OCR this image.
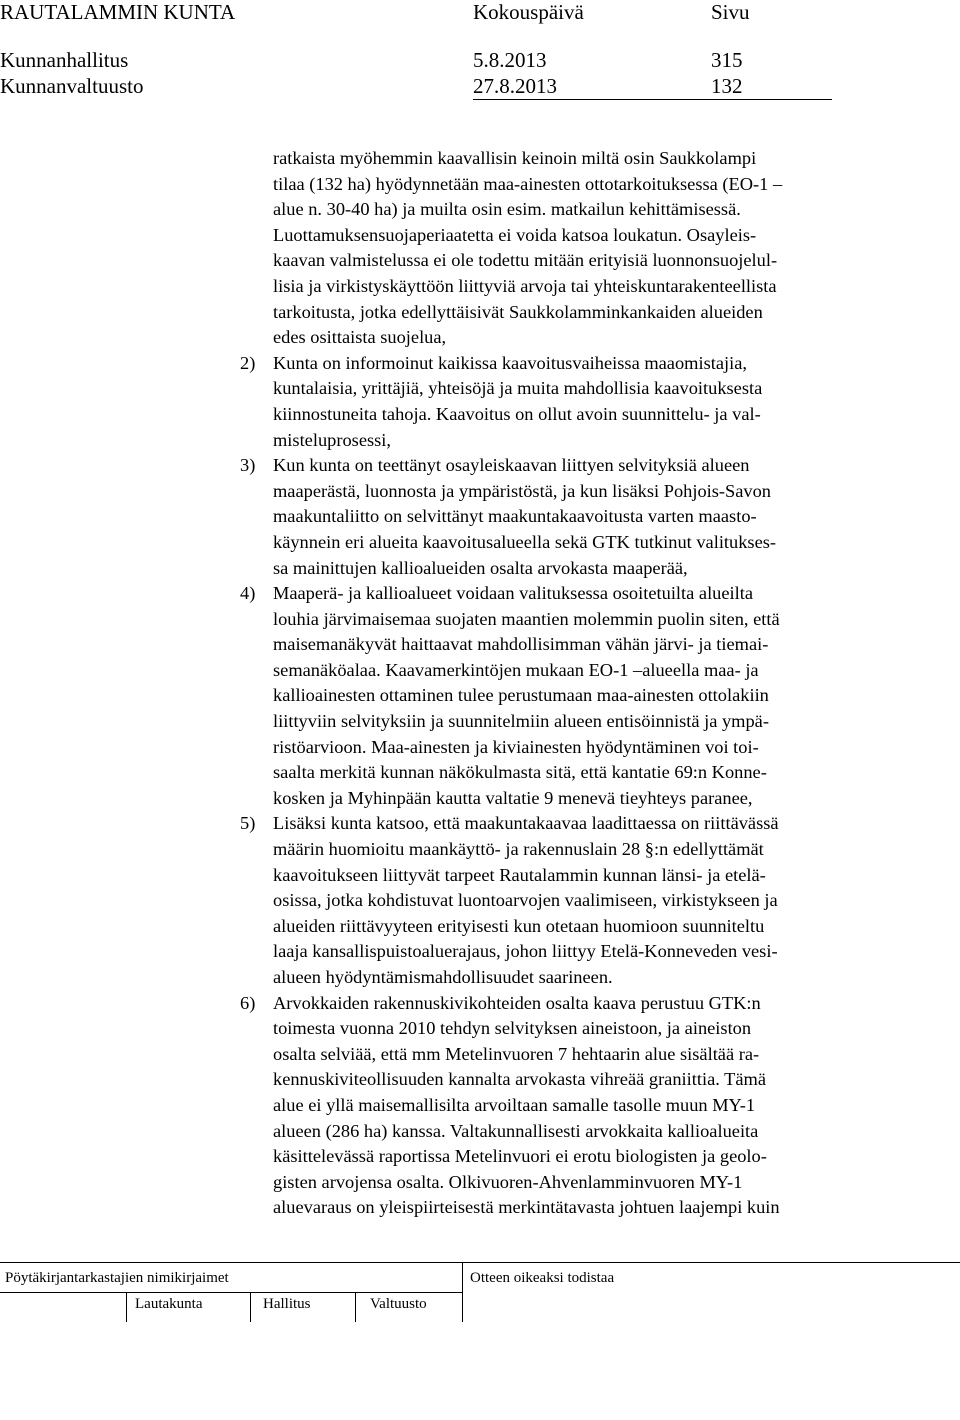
RAUTALAMMIN KUNTA	Kokouspäivä	Sivu
Kunnanhallitus	5.8.2013	315
Kunnanvaltuusto	27.8.2013	132

ratkaista myöhemmin kaavallisin keinoin miltä osin Saukkolampi
tilaa (132 ha) hyödynnetään maa-ainesten ottotarkoituksessa (EO-1 –
alue n. 30-40 ha) ja muilta osin esim. matkailun kehittämisessä.
Luottamuksensuojaperiaatetta ei voida katsoa loukatun. Osayleis-
kaavan valmistelussa ei ole todettu mitään erityisiä luonnonsuojelul-
lisia ja virkistyskäyttöön liittyviä arvoja tai yhteiskuntarakenteellista
tarkoitusta, jotka edellyttäisivät Saukkolamminkankaiden alueiden
edes osittaista suojelua,

2) Kunta on informoinut kaikissa kaavoitusvaiheissa maaomistajia,
kuntalaisia, yrittäjiä, yhteisöjä ja muita mahdollisia kaavoituksesta
kiinnostuneita tahoja. Kaavoitus on ollut avoin suunnittelu- ja val-
misteluprosessi,
3) Kun kunta on teettänyt osayleiskaavan liittyen selvityksiä alueen
maaperästä, luonnosta ja ympäristöstä, ja kun lisäksi Pohjois-Savon
maakuntaliitto on selvittänyt maakuntakaavoitusta varten maasto-
käynnein eri alueita kaavoitusalueella sekä GTK tutkinut valitukses-
sa mainittujen kallioalueiden osalta arvokasta maaperää,
4) Maaperä- ja kallioalueet voidaan valituksessa osoitetuilta alueilta
louhia järvimaisemaa suojaten maantien molemmin puolin siten, että
maisemanäkyvät haittaavat mahdollisimman vähän järvi- ja tiemai-
semanäköalaa. Kaavamerkintöjen mukaan EO-1 –alueella maa- ja
kallioainesten ottaminen tulee perustumaan maa-ainesten ottolakiin
liittyviin selvityksiin ja suunnitelmiin alueen entisöinnistä ja ympä-
ristöarvioon. Maa-ainesten ja kiviainesten hyödyntäminen voi toi-
saalta merkitä kunnan näkökulmasta sitä, että kantatie 69:n Konne-
kosken ja Myhinpään kautta valtatie 9 menevä tieyhteys paranee,
5) Lisäksi kunta katsoo, että maakuntakaavaa laadittaessa on riittävässä
määrin huomioitu maankäyttö- ja rakennuslain 28 §:n edellyttämät
kaavoitukseen liittyvät tarpeet Rautalammin kunnan länsi- ja etelä-
osissa, jotka kohdistuvat luontoarvojen vaalimiseen, virkistykseen ja
alueiden riittävyyteen erityisesti kun otetaan huomioon suunniteltu
laaja kansallispuistoaluerajaus, johon liittyy Etelä-Konneveden vesi-
alueen hyödyntämismahdollisuudet saarineen.
6) Arvokkaiden rakennuskivikohteiden osalta kaava perustuu GTK:n
toimesta vuonna 2010 tehdyn selvityksen aineistoon, ja aineiston
osalta selviää, että mm Metelinvuoren 7 hehtaarin alue sisältää ra-
kennuskiviteollisuuden kannalta arvokasta vihreää graniittia. Tämä
alue ei yllä maisemallisilta arvoiltaan samalle tasolle muun MY-1
alueen (286 ha) kanssa. Valtakunnallisesti arvokkaita kallioalueita
käsittelevässä raportissa Metelinvuori ei erotu biologisten ja geolo-
gisten arvojensa osalta. Olkivuoren-Ahvenlamminvuoren MY-1
aluevaraus on yleispiirteisestä merkintätavasta johtuen laajempi kuin
Pöytäkirjantarkastajien nimikirjaimet	Otteen oikeaksi todistaa
Lautakunta	Hallitus	Valtuusto
